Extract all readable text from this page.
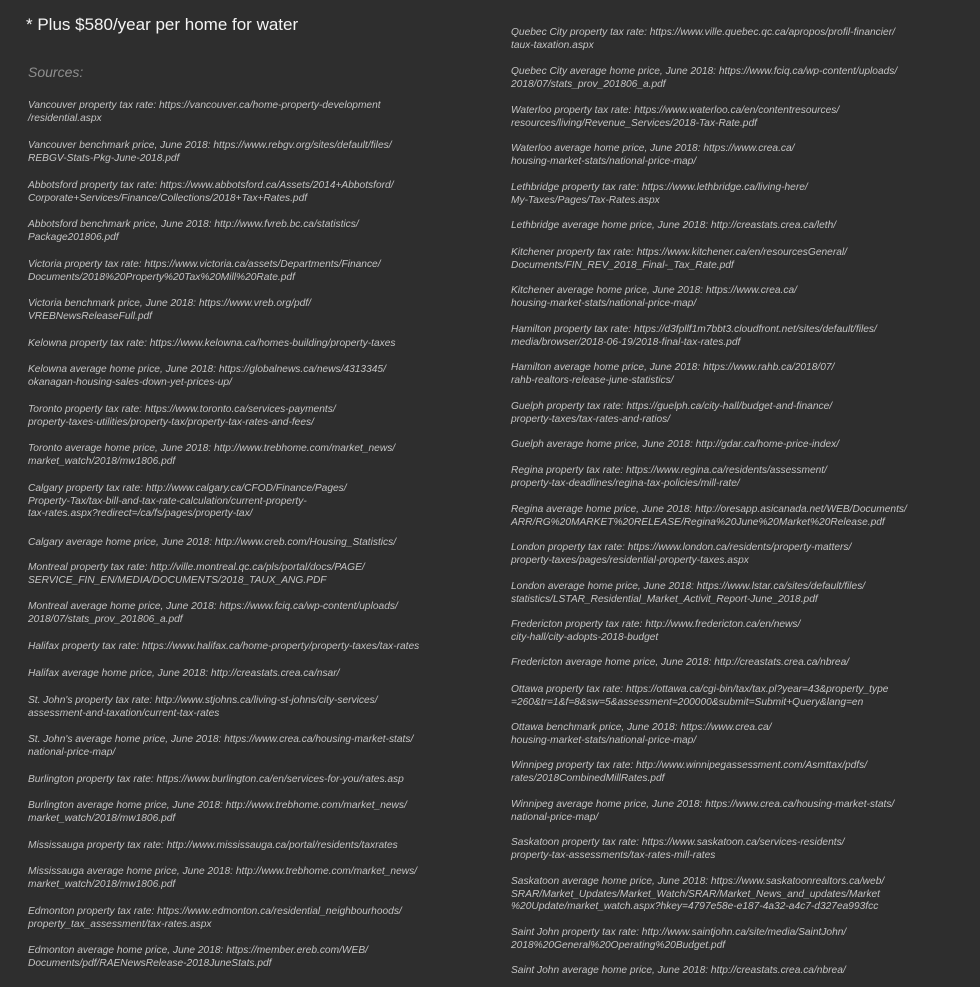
* Plus $580/year per home for water
Sources:
Vancouver property tax rate: https://vancouver.ca/home-property-development
/residential.aspx
Vancouver benchmark price, June 2018: https://www.rebgv.org/sites/default/files/
REBGV-Stats-Pkg-June-2018.pdf
Abbotsford property tax rate: https://www.abbotsford.ca/Assets/2014+Abbotsford/
Corporate+Services/Finance/Collections/2018+Tax+Rates.pdf
Abbotsford benchmark price, June 2018: http://www.fvreb.bc.ca/statistics/
Package201806.pdf
Victoria property tax rate: https://www.victoria.ca/assets/Departments/Finance/
Documents/2018%20Property%20Tax%20Mill%20Rate.pdf
Victoria benchmark price, June 2018: https://www.vreb.org/pdf/
VREBNewsReleaseFull.pdf
Kelowna property tax rate: https://www.kelowna.ca/homes-building/property-taxes
Kelowna average home price, June 2018: https://globalnews.ca/news/4313345/
okanagan-housing-sales-down-yet-prices-up/
Toronto property tax rate: https://www.toronto.ca/services-payments/
property-taxes-utilities/property-tax/property-tax-rates-and-fees/
Toronto average home price, June 2018: http://www.trebhome.com/market_news/
market_watch/2018/mw1806.pdf
Calgary property tax rate: http://www.calgary.ca/CFOD/Finance/Pages/
Property-Tax/tax-bill-and-tax-rate-calculation/current-property-
tax-rates.aspx?redirect=/ca/fs/pages/property-tax/
Calgary average home price, June 2018: http://www.creb.com/Housing_Statistics/
Montreal property tax rate: http://ville.montreal.qc.ca/pls/portal/docs/PAGE/
SERVICE_FIN_EN/MEDIA/DOCUMENTS/2018_TAUX_ANG.PDF
Montreal average home price, June 2018: https://www.fciq.ca/wp-content/uploads/
2018/07/stats_prov_201806_a.pdf
Halifax property tax rate: https://www.halifax.ca/home-property/property-taxes/tax-rates
Halifax average home price, June 2018: http://creastats.crea.ca/nsar/
St. John's property tax rate: http://www.stjohns.ca/living-st-johns/city-services/
assessment-and-taxation/current-tax-rates
St. John's average home price, June 2018: https://www.crea.ca/housing-market-stats/
national-price-map/
Burlington property tax rate: https://www.burlington.ca/en/services-for-you/rates.asp
Burlington average home price, June 2018: http://www.trebhome.com/market_news/
market_watch/2018/mw1806.pdf
Mississauga property tax rate: http://www.mississauga.ca/portal/residents/taxrates
Mississauga average home price, June 2018: http://www.trebhome.com/market_news/
market_watch/2018/mw1806.pdf
Edmonton property tax rate: https://www.edmonton.ca/residential_neighbourhoods/
property_tax_assessment/tax-rates.aspx
Edmonton average home price, June 2018: https://member.ereb.com/WEB/
Documents/pdf/RAENewsRelease-2018JuneStats.pdf
Quebec City property tax rate: https://www.ville.quebec.qc.ca/apropos/profil-financier/
taux-taxation.aspx
Quebec City average home price, June 2018: https://www.fciq.ca/wp-content/uploads/
2018/07/stats_prov_201806_a.pdf
Waterloo property tax rate: https://www.waterloo.ca/en/contentresources/
resources/living/Revenue_Services/2018-Tax-Rate.pdf
Waterloo average home price, June 2018: https://www.crea.ca/
housing-market-stats/national-price-map/
Lethbridge property tax rate: https://www.lethbridge.ca/living-here/
My-Taxes/Pages/Tax-Rates.aspx
Lethbridge average home price, June 2018: http://creastats.crea.ca/leth/
Kitchener property tax rate: https://www.kitchener.ca/en/resourcesGeneral/
Documents/FIN_REV_2018_Final-_Tax_Rate.pdf
Kitchener average home price, June 2018: https://www.crea.ca/
housing-market-stats/national-price-map/
Hamilton property tax rate: https://d3fpllf1m7bbt3.cloudfront.net/sites/default/files/
media/browser/2018-06-19/2018-final-tax-rates.pdf
Hamilton average home price, June 2018: https://www.rahb.ca/2018/07/
rahb-realtors-release-june-statistics/
Guelph property tax rate: https://guelph.ca/city-hall/budget-and-finance/
property-taxes/tax-rates-and-ratios/
Guelph average home price, June 2018: http://gdar.ca/home-price-index/
Regina property tax rate: https://www.regina.ca/residents/assessment/
property-tax-deadlines/regina-tax-policies/mill-rate/
Regina average home price, June 2018: http://oresapp.asicanada.net/WEB/Documents/
ARR/RG%20MARKET%20RELEASE/Regina%20June%20Market%20Release.pdf
London property tax rate: https://www.london.ca/residents/property-matters/
property-taxes/pages/residential-property-taxes.aspx
London average home price, June 2018: https://www.lstar.ca/sites/default/files/
statistics/LSTAR_Residential_Market_Activit_Report-June_2018.pdf
Fredericton property tax rate: http://www.fredericton.ca/en/news/
city-hall/city-adopts-2018-budget
Fredericton average home price, June 2018: http://creastats.crea.ca/nbrea/
Ottawa property tax rate: https://ottawa.ca/cgi-bin/tax/tax.pl?year=43&property_type
=260&tr=1&f=8&sw=5&assessment=200000&submit=Submit+Query&lang=en
Ottawa benchmark price, June 2018: https://www.crea.ca/
housing-market-stats/national-price-map/
Winnipeg property tax rate: http://www.winnipegassessment.com/Asmttax/pdfs/
rates/2018CombinedMillRates.pdf
Winnipeg average home price, June 2018: https://www.crea.ca/housing-market-stats/
national-price-map/
Saskatoon property tax rate: https://www.saskatoon.ca/services-residents/
property-tax-assessments/tax-rates-mill-rates
Saskatoon average home price, June 2018: https://www.saskatoonrealtors.ca/web/
SRAR/Market_Updates/Market_Watch/SRAR/Market_News_and_updates/Market
%20Update/market_watch.aspx?hkey=4797e58e-e187-4a32-a4c7-d327ea993fcc
Saint John property tax rate: http://www.saintjohn.ca/site/media/SaintJohn/
2018%20General%20Operating%20Budget.pdf
Saint John average home price, June 2018: http://creastats.crea.ca/nbrea/
